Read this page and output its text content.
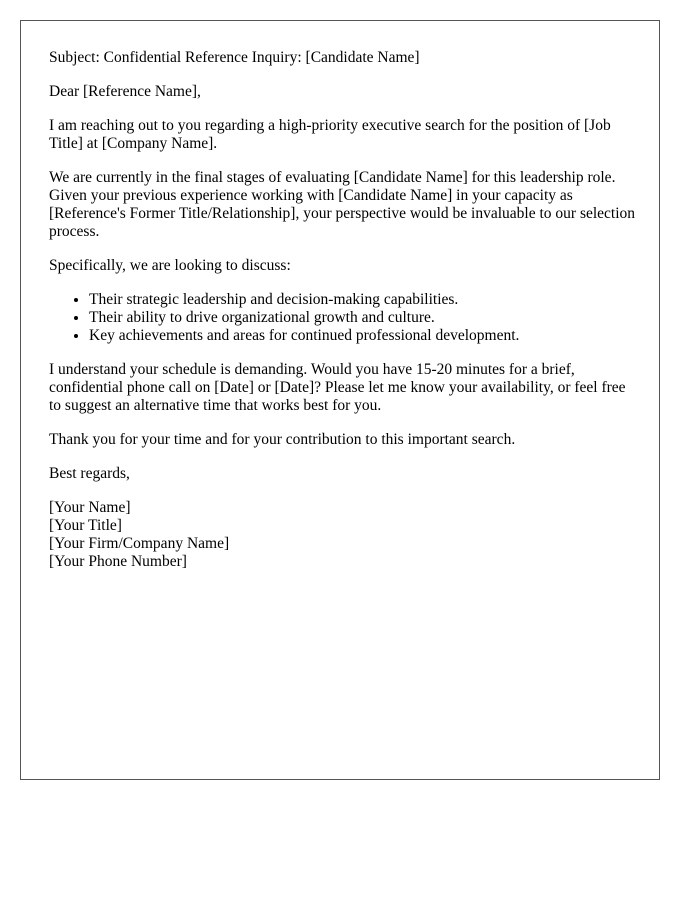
Subject: Confidential Reference Inquiry: [Candidate Name]

Dear [Reference Name],

I am reaching out to you regarding a high-priority executive search for the position of [Job Title] at [Company Name].

We are currently in the final stages of evaluating [Candidate Name] for this leadership role. Given your previous experience working with [Candidate Name] in your capacity as [Reference's Former Title/Relationship], your perspective would be invaluable to our selection process.

Specifically, we are looking to discuss:

• Their strategic leadership and decision-making capabilities.
• Their ability to drive organizational growth and culture.
• Key achievements and areas for continued professional development.

I understand your schedule is demanding. Would you have 15-20 minutes for a brief, confidential phone call on [Date] or [Date]? Please let me know your availability, or feel free to suggest an alternative time that works best for you.

Thank you for your time and for your contribution to this important search.

Best regards,

[Your Name]
[Your Title]
[Your Firm/Company Name]
[Your Phone Number]
